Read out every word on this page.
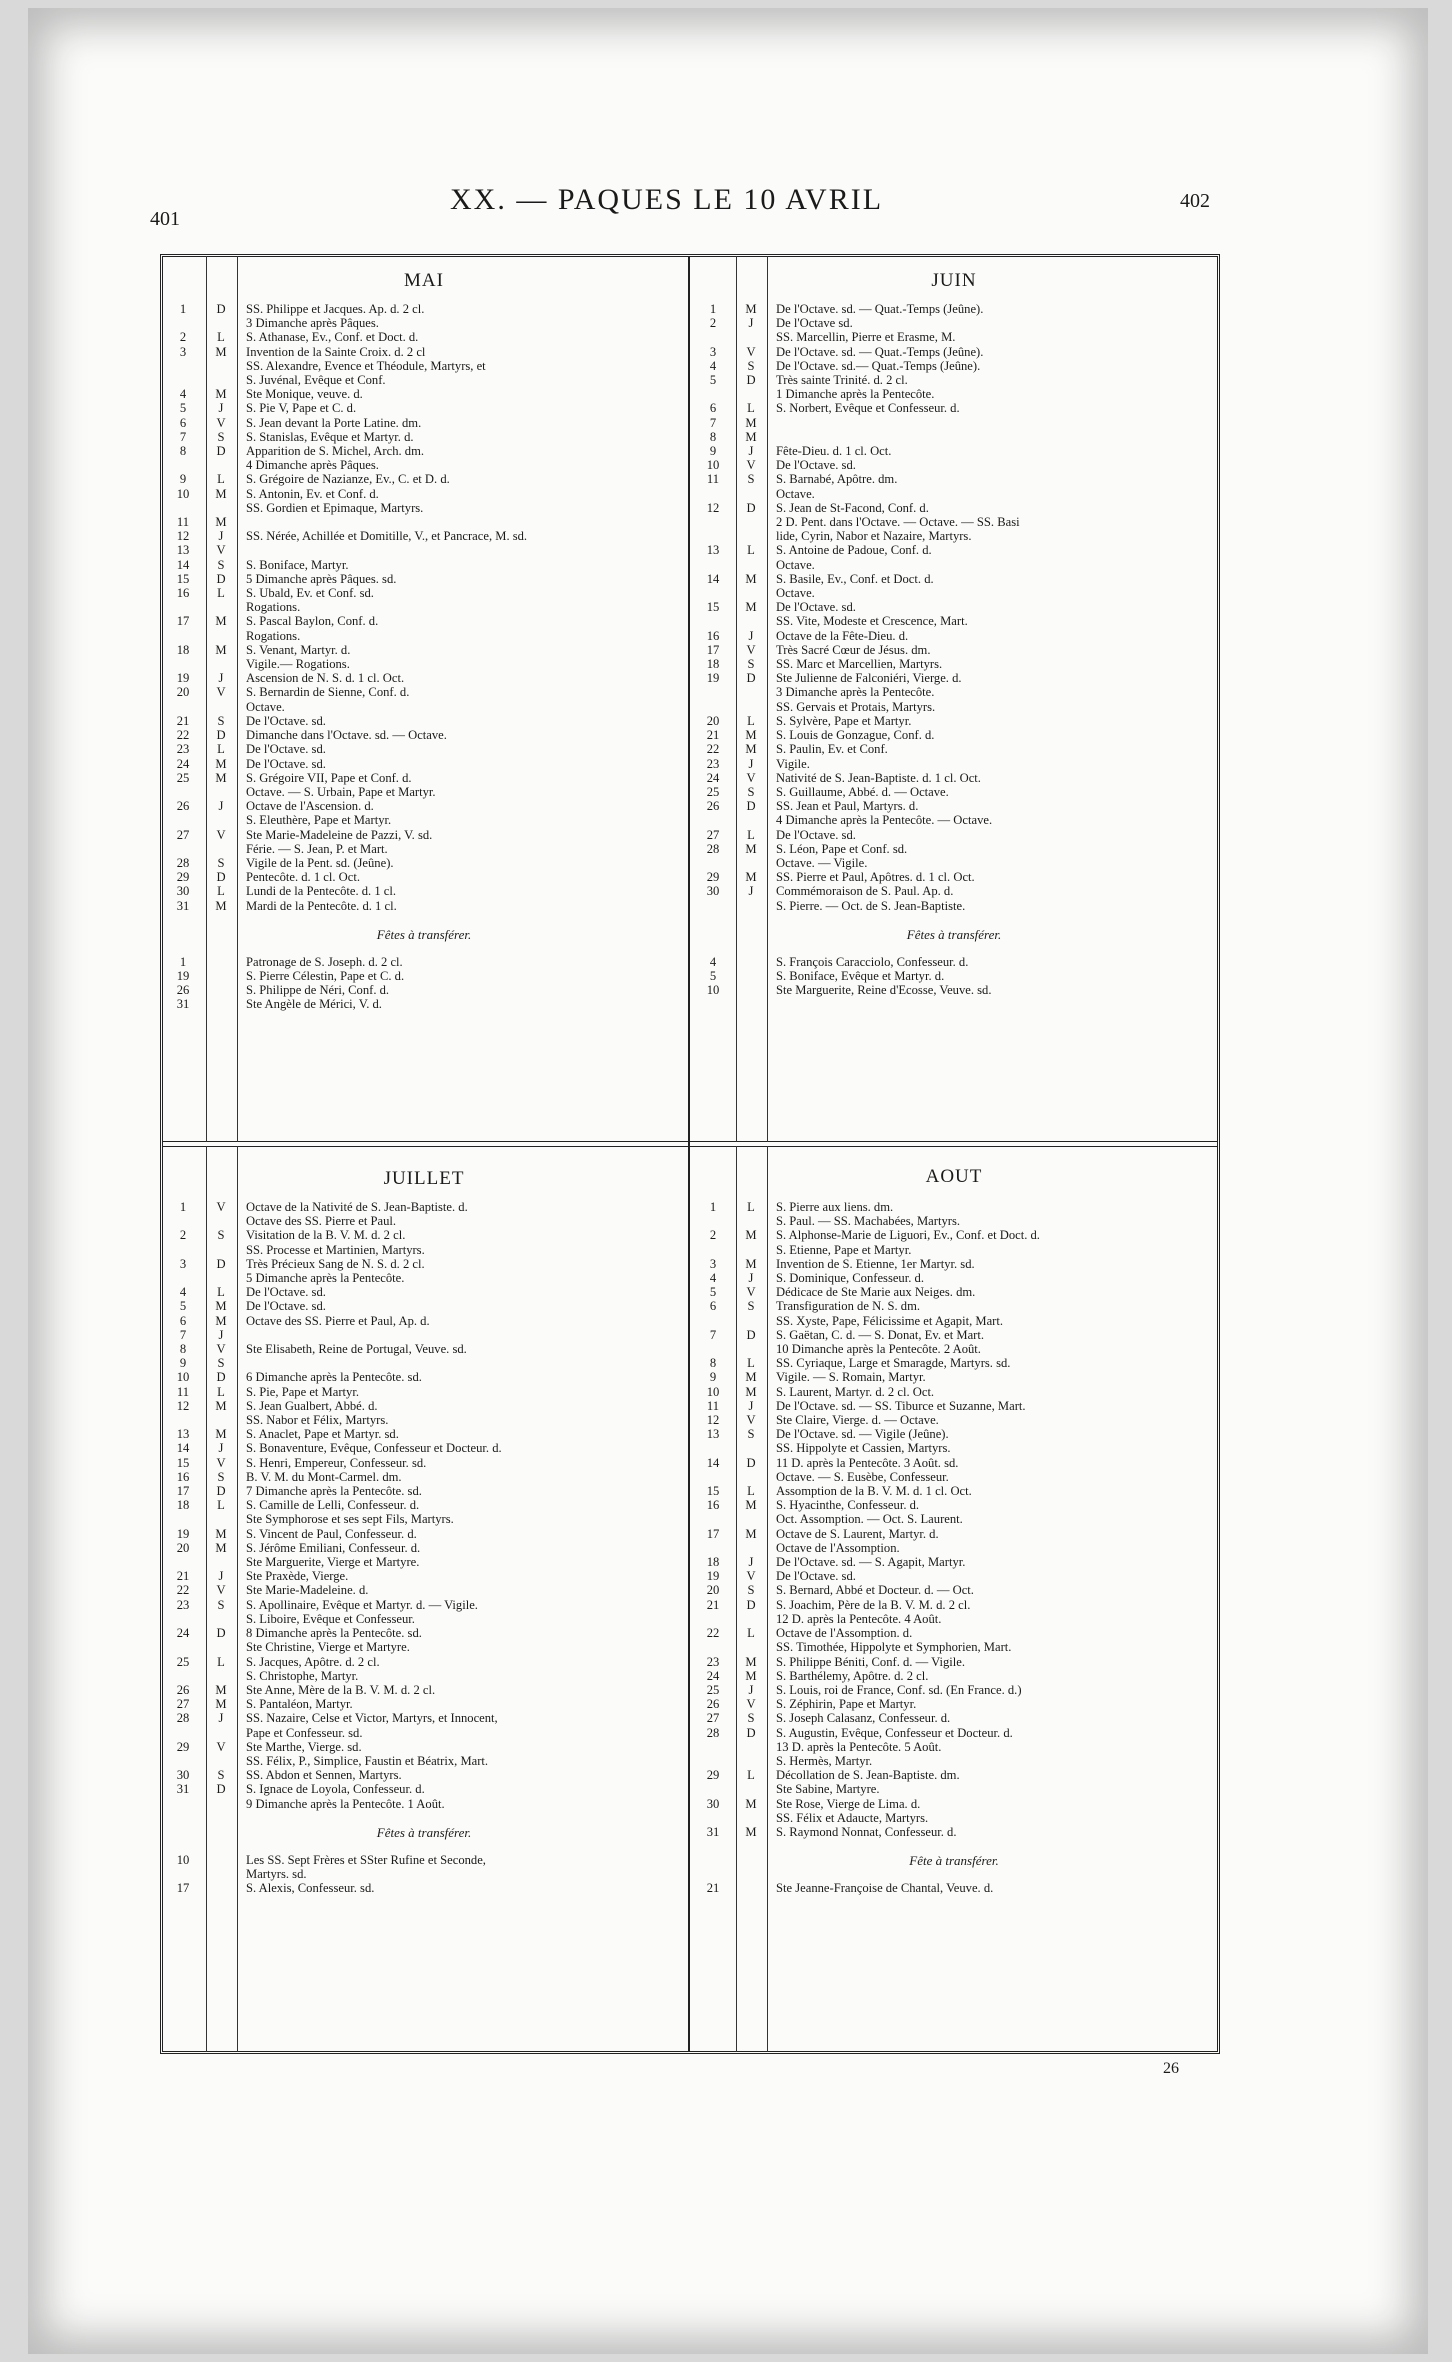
401
XX. — PAQUES LE 10 AVRIL	402
MAI
1	D	SS. Philippe et Jacques. Ap. d. 2 cl.
3 Dimanche après Pâques.
2	L	S. Athanase, Ev., Conf. et Doct. d.
3	M	Invention de la Sainte Croix. d. 2 cl
SS. Alexandre, Evence et Théodule, Martyrs, et
S. Juvénal, Evêque et Conf.
4	M	Ste Monique, veuve. d.
5	J	S. Pie V, Pape et C. d.
6	V	S. Jean devant la Porte Latine. dm.
7	S	S. Stanislas, Evêque et Martyr. d.
8	D	Apparition de S. Michel, Arch. dm.
4 Dimanche après Pâques.
9	L	S. Grégoire de Nazianze, Ev., C. et D. d.
10	M	S. Antonin, Ev. et Conf. d.
SS. Gordien et Epimaque, Martyrs.
11	M
12	J	SS. Nérée, Achillée et Domitille, V., et Pancrace, M. sd.
13	V
14	S	S. Boniface, Martyr.
15	D	5 Dimanche après Pâques. sd.
16	L	S. Ubald, Ev. et Conf. sd.
Rogations.
17	M	S. Pascal Baylon, Conf. d.
Rogations.
18	M	S. Venant, Martyr. d.
Vigile.— Rogations.
19	J	Ascension de N. S. d. 1 cl. Oct.
20	V	S. Bernardin de Sienne, Conf. d.
Octave.
21	S	De l'Octave. sd.
22	D	Dimanche dans l'Octave. sd. — Octave.
23	L	De l'Octave. sd.
24	M	De l'Octave. sd.
25	M	S. Grégoire VII, Pape et Conf. d.
Octave. — S. Urbain, Pape et Martyr.
26	J	Octave de l'Ascension. d.
S. Eleuthère, Pape et Martyr.
27	V	Ste Marie-Madeleine de Pazzi, V. sd.
Férie. — S. Jean, P. et Mart.
28	S	Vigile de la Pent. sd. (Jeûne).
29	D	Pentecôte. d. 1 cl. Oct.
30	L	Lundi de la Pentecôte. d. 1 cl.
31	M	Mardi de la Pentecôte. d. 1 cl.
Fêtes à transférer.
1	Patronage de S. Joseph. d. 2 cl.
19	S. Pierre Célestin, Pape et C. d.
26	S. Philippe de Néri, Conf. d.
31	Ste Angèle de Mérici, V. d.
JUIN
1	M	De l'Octave. sd. — Quat.-Temps (Jeûne).
2	J	De l'Octave sd.
SS. Marcellin, Pierre et Erasme, M.
3	V	De l'Octave. sd. — Quat.-Temps (Jeûne).
4	S	De l'Octave. sd.— Quat.-Temps (Jeûne).
5	D	Très sainte Trinité. d. 2 cl.
1 Dimanche après la Pentecôte.
6	L	S. Norbert, Evêque et Confesseur. d.
7	M
8	M
9	J	Fête-Dieu. d. 1 cl. Oct.
10	V	De l'Octave. sd.
11	S	S. Barnabé, Apôtre. dm.
Octave.
12	D	S. Jean de St-Facond, Conf. d.
2 D. Pent. dans l'Octave. — Octave. — SS. Basi
lide, Cyrin, Nabor et Nazaire, Martyrs.
13	L	S. Antoine de Padoue, Conf. d.
Octave.
14	M	S. Basile, Ev., Conf. et Doct. d.
Octave.
15	M	De l'Octave. sd.
SS. Vite, Modeste et Crescence, Mart.
16	J	Octave de la Fête-Dieu. d.
17	V	Très Sacré Cœur de Jésus. dm.
18	S	SS. Marc et Marcellien, Martyrs.
19	D	Ste Julienne de Falconiéri, Vierge. d.
3 Dimanche après la Pentecôte.
SS. Gervais et Protais, Martyrs.
20	L	S. Sylvère, Pape et Martyr.
21	M	S. Louis de Gonzague, Conf. d.
22	M	S. Paulin, Ev. et Conf.
23	J	Vigile.
24	V	Nativité de S. Jean-Baptiste. d. 1 cl. Oct.
25	S	S. Guillaume, Abbé. d. — Octave.
26	D	SS. Jean et Paul, Martyrs. d.
4 Dimanche après la Pentecôte. — Octave.
27	L	De l'Octave. sd.
28	M	S. Léon, Pape et Conf. sd.
Octave. — Vigile.
29	M	SS. Pierre et Paul, Apôtres. d. 1 cl. Oct.
30	J	Commémoraison de S. Paul. Ap. d.
S. Pierre. — Oct. de S. Jean-Baptiste.
Fêtes à transférer.
4	S. François Caracciolo, Confesseur. d.
5	S. Boniface, Evêque et Martyr. d.
10	Ste Marguerite, Reine d'Ecosse, Veuve. sd.
JUILLET
1	V	Octave de la Nativité de S. Jean-Baptiste. d.
Octave des SS. Pierre et Paul.
2	S	Visitation de la B. V. M. d. 2 cl.
SS. Processe et Martinien, Martyrs.
3	D	Très Précieux Sang de N. S. d. 2 cl.
5 Dimanche après la Pentecôte.
4	L	De l'Octave. sd.
5	M	De l'Octave. sd.
6	M	Octave des SS. Pierre et Paul, Ap. d.
7	J
8	V	Ste Elisabeth, Reine de Portugal, Veuve. sd.
9	S
10	D	6 Dimanche après la Pentecôte. sd.
11	L	S. Pie, Pape et Martyr.
12	M	S. Jean Gualbert, Abbé. d.
SS. Nabor et Félix, Martyrs.
13	M	S. Anaclet, Pape et Martyr. sd.
14	J	S. Bonaventure, Evêque, Confesseur et Docteur. d.
15	V	S. Henri, Empereur, Confesseur. sd.
16	S	B. V. M. du Mont-Carmel. dm.
17	D	7 Dimanche après la Pentecôte. sd.
18	L	S. Camille de Lelli, Confesseur. d.
Ste Symphorose et ses sept Fils, Martyrs.
19	M	S. Vincent de Paul, Confesseur. d.
20	M	S. Jérôme Emiliani, Confesseur. d.
Ste Marguerite, Vierge et Martyre.
21	J	Ste Praxède, Vierge.
22	V	Ste Marie-Madeleine. d.
23	S	S. Apollinaire, Evêque et Martyr. d. — Vigile.
S. Liboire, Evêque et Confesseur.
24	D	8 Dimanche après la Pentecôte. sd.
Ste Christine, Vierge et Martyre.
25	L	S. Jacques, Apôtre. d. 2 cl.
S. Christophe, Martyr.
26	M	Ste Anne, Mère de la B. V. M. d. 2 cl.
27	M	S. Pantaléon, Martyr.
28	J	SS. Nazaire, Celse et Victor, Martyrs, et Innocent,
Pape et Confesseur. sd.
29	V	Ste Marthe, Vierge. sd.
SS. Félix, P., Simplice, Faustin et Béatrix, Mart.
30	S	SS. Abdon et Sennen, Martyrs.
31	D	S. Ignace de Loyola, Confesseur. d.
9 Dimanche après la Pentecôte. 1 Août.
Fêtes à transférer.
10	Les SS. Sept Frères et SSter Rufine et Seconde,
Martyrs. sd.
17	S. Alexis, Confesseur. sd.
AOUT
1	L	S. Pierre aux liens. dm.
S. Paul. — SS. Machabées, Martyrs.
2	M	S. Alphonse-Marie de Liguori, Ev., Conf. et Doct. d.
S. Etienne, Pape et Martyr.
3	M	Invention de S. Etienne, 1er Martyr. sd.
4	J	S. Dominique, Confesseur. d.
5	V	Dédicace de Ste Marie aux Neiges. dm.
6	S	Transfiguration de N. S. dm.
SS. Xyste, Pape, Félicissime et Agapit, Mart.
7	D	S. Gaëtan, C. d. — S. Donat, Ev. et Mart.
10 Dimanche après la Pentecôte. 2 Août.
8	L	SS. Cyriaque, Large et Smaragde, Martyrs. sd.
9	M	Vigile. — S. Romain, Martyr.
10	M	S. Laurent, Martyr. d. 2 cl. Oct.
11	J	De l'Octave. sd. — SS. Tiburce et Suzanne, Mart.
12	V	Ste Claire, Vierge. d. — Octave.
13	S	De l'Octave. sd. — Vigile (Jeûne).
SS. Hippolyte et Cassien, Martyrs.
14	D	11 D. après la Pentecôte. 3 Août. sd.
Octave. — S. Eusèbe, Confesseur.
15	L	Assomption de la B. V. M. d. 1 cl. Oct.
16	M	S. Hyacinthe, Confesseur. d.
Oct. Assomption. — Oct. S. Laurent.
17	M	Octave de S. Laurent, Martyr. d.
Octave de l'Assomption.
18	J	De l'Octave. sd. — S. Agapit, Martyr.
19	V	De l'Octave. sd.
20	S	S. Bernard, Abbé et Docteur. d. — Oct.
21	D	S. Joachim, Père de la B. V. M. d. 2 cl.
12 D. après la Pentecôte. 4 Août.
22	L	Octave de l'Assomption. d.
SS. Timothée, Hippolyte et Symphorien, Mart.
23	M	S. Philippe Béniti, Conf. d. — Vigile.
24	M	S. Barthélemy, Apôtre. d. 2 cl.
25	J	S. Louis, roi de France, Conf. sd. (En France. d.)
26	V	S. Zéphirin, Pape et Martyr.
27	S	S. Joseph Calasanz, Confesseur. d.
28	D	S. Augustin, Evêque, Confesseur et Docteur. d.
13 D. après la Pentecôte. 5 Août.
S. Hermès, Martyr.
29	L	Décollation de S. Jean-Baptiste. dm.
Ste Sabine, Martyre.
30	M	Ste Rose, Vierge de Lima. d.
SS. Félix et Adaucte, Martyrs.
31	M	S. Raymond Nonnat, Confesseur. d.
Fête à transférer.
21	Ste Jeanne-Françoise de Chantal, Veuve. d.
26
